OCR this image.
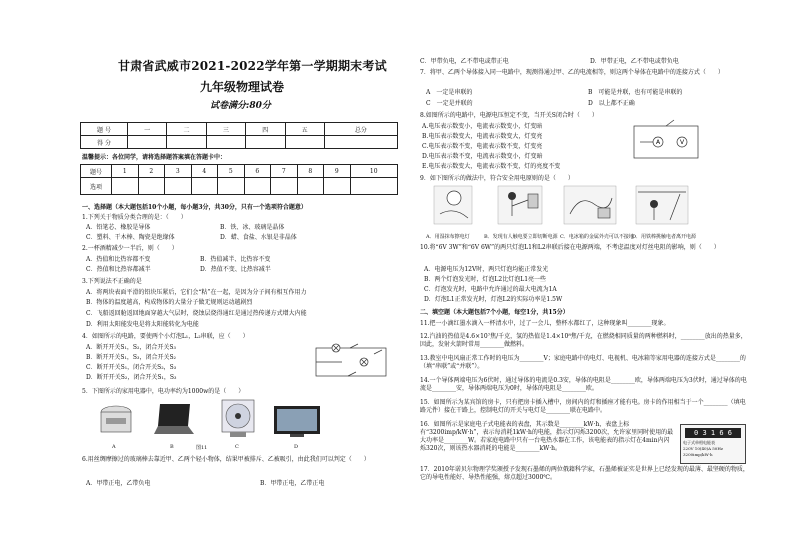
甘肃省武威市2021-2022学年第一学期期末考试
九年级物理试卷
试卷满分:80分
题 号	一	二	三	四	五	总分
得 分						
温馨提示：各位同学，请将选择题答案填在答题卡中：
题号	1	2	3	4	5	6	7	8	9	10
选项										
一、选择题（本大题包括10个小题，每小题3分，共30分，只有一个选项符合题意）
1.下列关于物质分类合理的是：（　　）
A．铅笔芯、橡胶是导体	B．铁、冰、玻璃是晶体
C．塑料、干木棒、陶瓷是绝缘体	D．蜡、食盐、水银是非晶体
2.一杯酒精减少一半后，则（　　）
A．热值和比热容都不变	B．热值减半、比热容不变
C．热值和比热容都减半	D．热值不变、比热容减半
3.下列说法不正确的是
A．将两块表面平滑的铅块压紧后，它们会“粘”在一起，是因为分子间有相互作用力
B．物体的温度越高，构成物体的大量分子做无规则运动越剧烈
C．飞船返回舱返回地面穿越大气层时，烧蚀层烧得通红是通过热传递方式增大内能
D．利用太阳能发电是将太阳能转化为电能
4．如图所示的电路，要使两个小灯泡L₁，L₂串联，应（　　）
A．断开开关S₁，S₂，闭合开关S₃
B．断开开关S₁，S₃，闭合开关S₂
C．断开开关S₁，闭合开关S₂，S₃
D．断开开关S₂，闭合开关S₁，S₃
5．下图所示的家用电器中，电功率约为1000w的是（　　）
A	B	图11	C	D
6.用丝绸摩擦过的玻璃棒去靠近甲、乙两个轻小物体，结果甲被排斥、乙被吸引，由此我们可以判定（　　）
A．甲带正电，乙带负电	B．甲带正电，乙带正电
C．甲带负电，乙不带电或带正电	D．甲带正电，乙不带电或带负电
7．将甲、乙两个导体接入同一电路中，现测得通过甲、乙的电流相等，则这两个导体在电路中的连接方式（　　）
A　一定是串联的	B　可能是并联，也有可能是串联的
C　一定是并联的	D　以上都不正确
8.如图所示的电路中，电源电压恒定不变，当开关S闭合时（　　）
A.电压表示数变小，电流表示数变小，灯变暗
B.电压表示数变大，电流表示数变大，灯变亮
C.电压表示数不变，电流表示数不变，灯变亮
D.电压表示数不变，电流表示数变小，灯变暗
E.电压表示数变大，电流表示数不变，灯的亮度不变
A	V
9．如下图所示的做法中，符合安全用电原则的是（　　）
A．用湿抹布擦电灯	B．发现有人触电要立即切断电源 C．电冰箱的金属外壳可以不接地
D．用铁棒挑触电者离开电源
10.将“6V 3W”和“6V 6W”的两只灯泡L1和L2串联后接在电源两端，不考虑温度对灯丝电阻的影响，则（　　）
A．电源电压为12V时，两只灯泡均能正常发光
B．两个灯泡发光时，灯泡L2比灯泡L1亮一些
C．灯泡发光时，电路中允许通过的最大电流为1A
D．灯泡L1正常发光时，灯泡L2的实际功率是1.5W
二、填空题（本大题包括7个小题，每空1分，共15分）
11.把一小滴红墨水滴入一杯清水中，过了一会儿，整杯水都红了，这种现象叫________现象。
12.汽油的热值是4.6×10⁷焦/千克，氢的热值是1.4×10⁸焦/千克，在燃烧相同质量的两种燃料时，________放出的热量多，因此，发射火箭时常用________做燃料。
13.教室中电风扇正常工作时的电压为________V；家庭电路中的电灯、电视机、电冰箱等家用电器的连接方式是________的（填“串联”或“并联”）。
14.一个导体两端电压为6伏时，通过导体的电流是0.3安，导体的电阻是________欧，导体两端电压为3伏时，通过导体的电流是________安，导体两端电压为0时，导体的电阻是________欧。
15．如图所示为某宾馆的房卡，只有把房卡插入槽中，房间内的灯和插座才能有电。房卡的作用相当于一个________（填电路元件）接在干路上，控制电灯的开关与电灯是________联在电路中。
16．如图所示是家庭电子式电能表的表盘，其示数是________kW·h，表盘上标有“3200imp/kW·h”，表示每消耗1kW·h的电能，指示灯闪烁3200次，允许家里同时使用的最大功率是________W。若家庭电路中只有一台电热水器在工作，该电能表的指示灯在4min内闪烁320次，则该热水器消耗的电能是________kW·h。
0 3 1 6 6
电子式单相电能表
220V 10(40)A 50Hz
3200imp/kW·h
17．2010年诺贝尔物理学奖颁授予发现石墨烯的两位俄籍科学家，石墨烯被证实是世界上已经发现的最薄、最坚硬的物质，它的导电性能好、导热性能强，熔点超过3000℃。
